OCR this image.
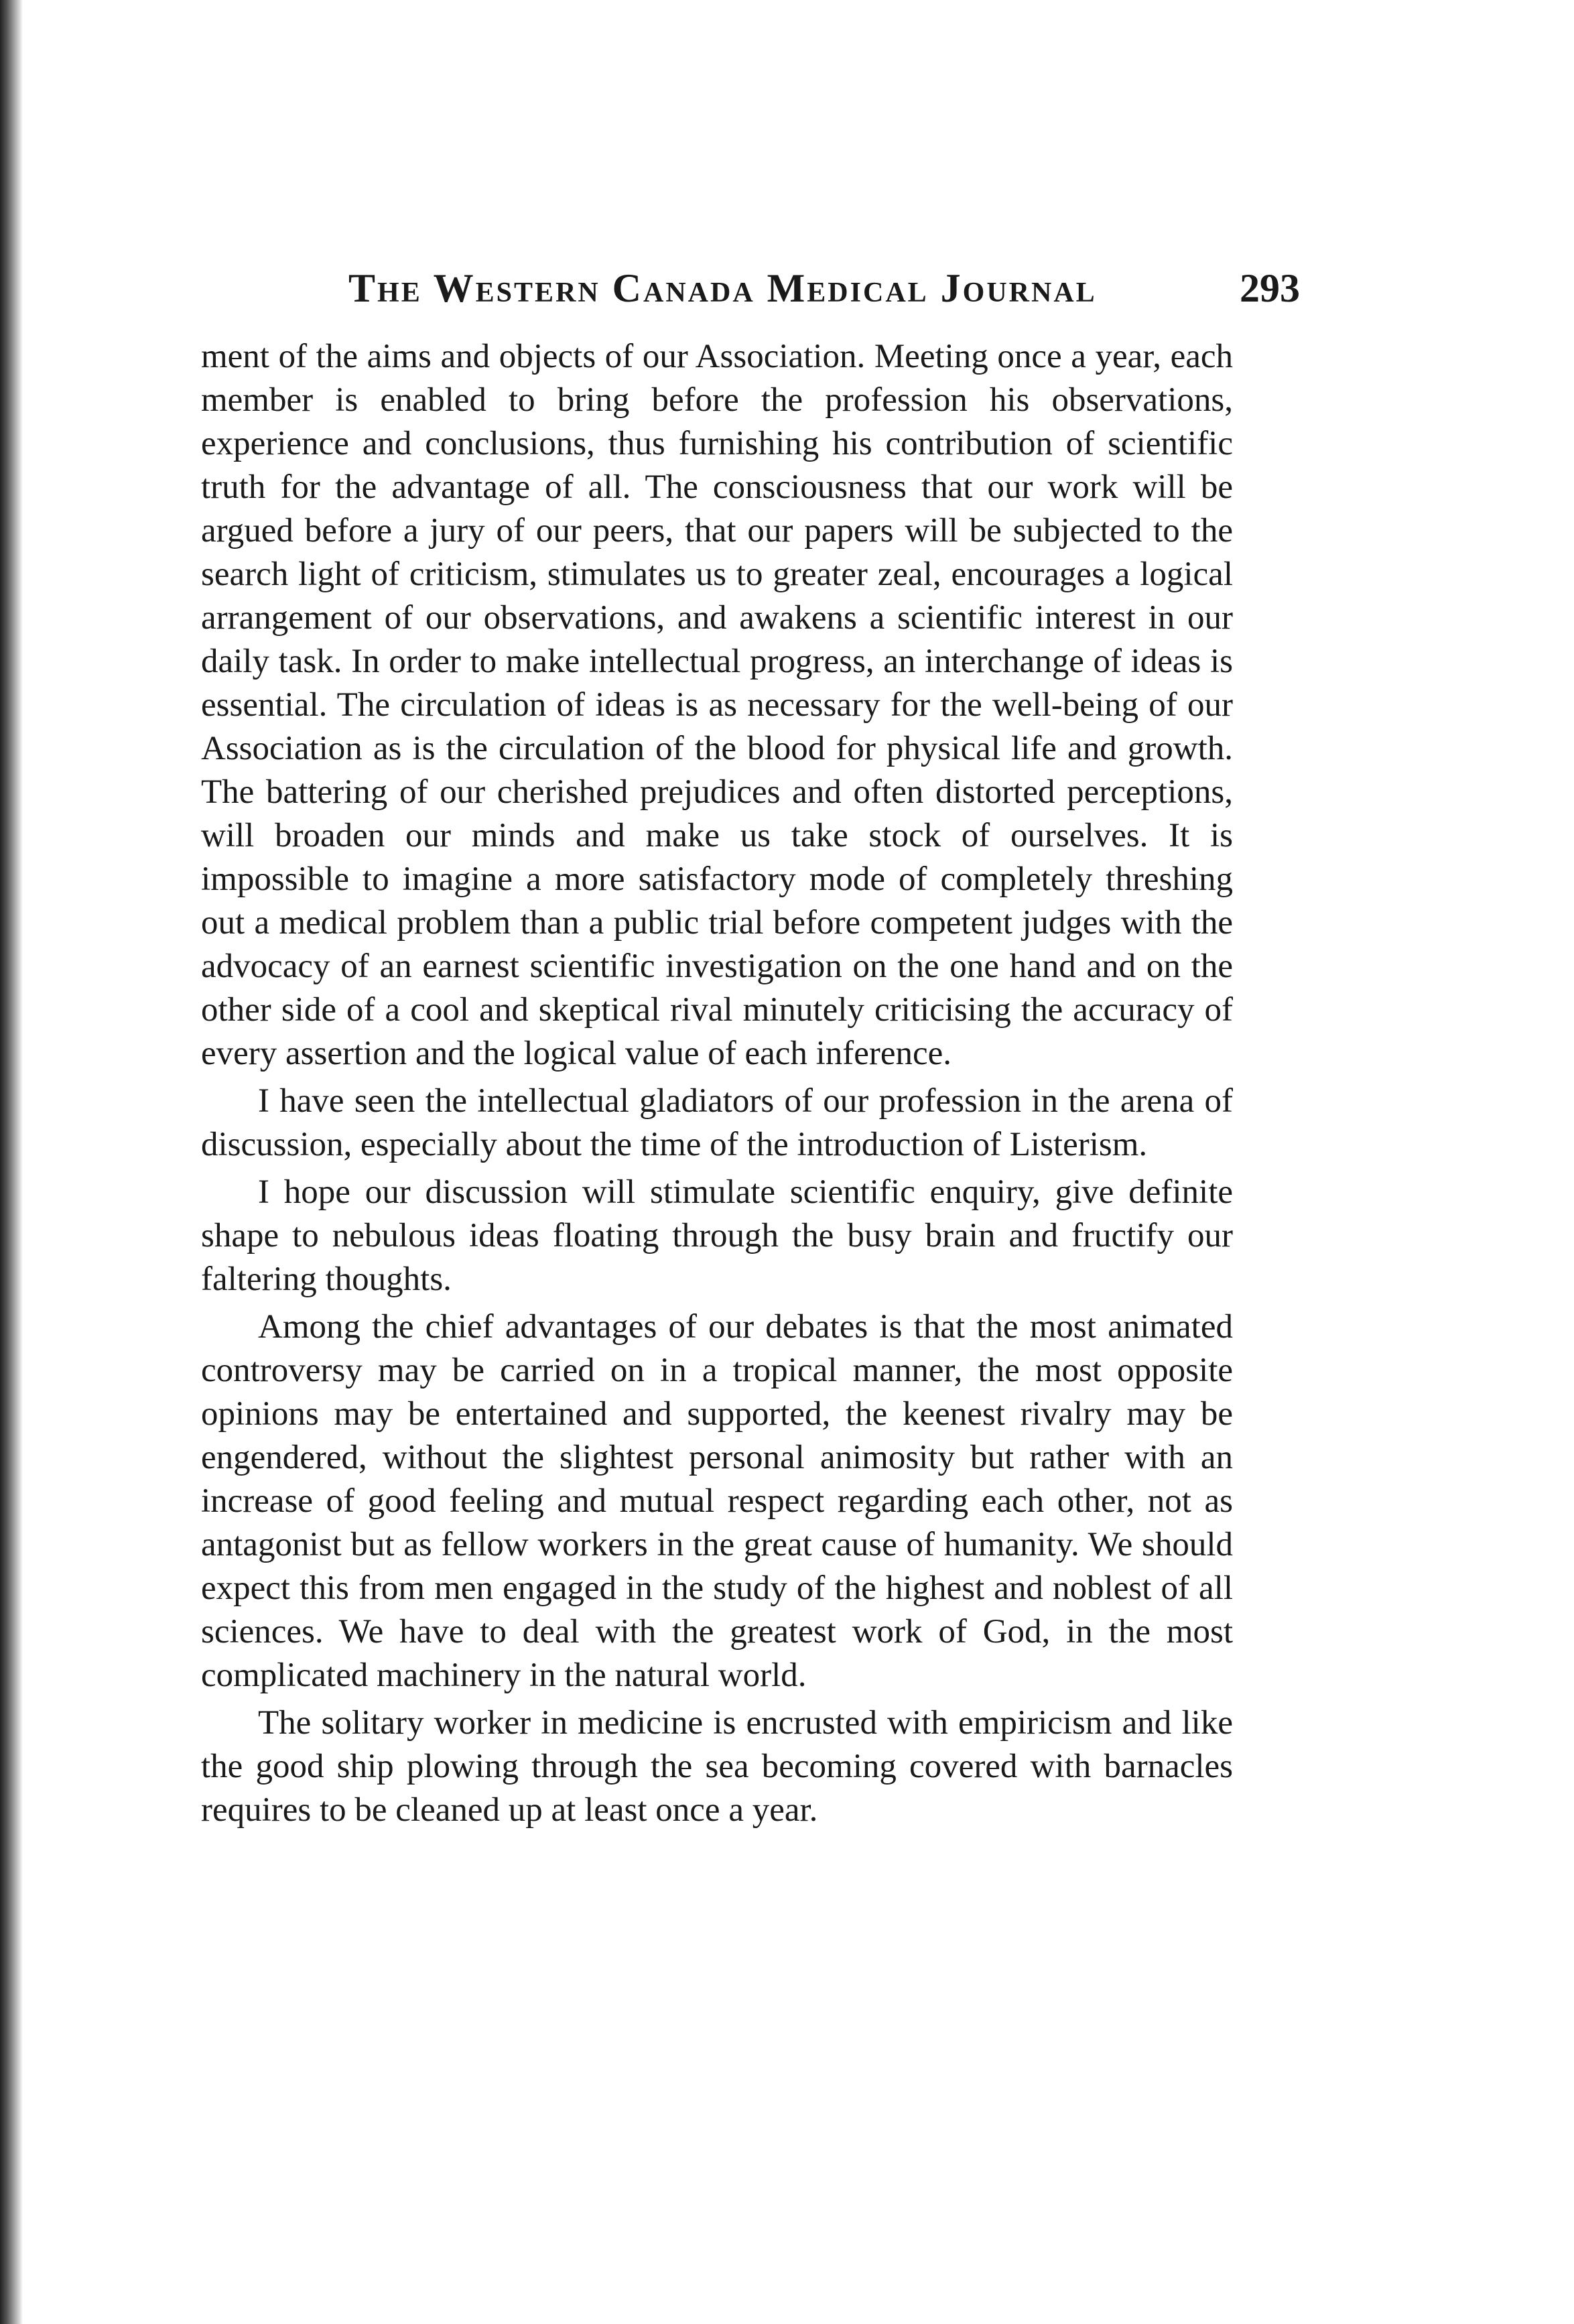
The Western Canada Medical Journal	293

ment of the aims and objects of our Association. Meeting once a year, each member is enabled to bring before the profession his observations, experience and conclusions, thus furnishing his contribution of scientific truth for the advantage of all. The consciousness that our work will be argued before a jury of our peers, that our papers will be subjected to the search light of criticism, stimulates us to greater zeal, encourages a logical arrangement of our observations, and awakens a scientific interest in our daily task. In order to make intellectual progress, an interchange of ideas is essential. The circulation of ideas is as necessary for the well-being of our Association as is the circulation of the blood for physical life and growth. The battering of our cherished prejudices and often distorted perceptions, will broaden our minds and make us take stock of ourselves. It is impossible to imagine a more satisfactory mode of completely threshing out a medical problem than a public trial before competent judges with the advocacy of an earnest scientific investigation on the one hand and on the other side of a cool and skeptical rival minutely criticising the accuracy of every assertion and the logical value of each inference.

I have seen the intellectual gladiators of our profession in the arena of discussion, especially about the time of the introduction of Listerism.

I hope our discussion will stimulate scientific enquiry, give definite shape to nebulous ideas floating through the busy brain and fructify our faltering thoughts.

Among the chief advantages of our debates is that the most animated controversy may be carried on in a tropical manner, the most opposite opinions may be entertained and supported, the keenest rivalry may be engendered, without the slightest personal animosity but rather with an increase of good feeling and mutual respect regarding each other, not as antagonist but as fellow workers in the great cause of humanity. We should expect this from men engaged in the study of the highest and noblest of all sciences. We have to deal with the greatest work of God, in the most complicated machinery in the natural world.

The solitary worker in medicine is encrusted with empiricism and like the good ship plowing through the sea becoming covered with barnacles requires to be cleaned up at least once a year.
